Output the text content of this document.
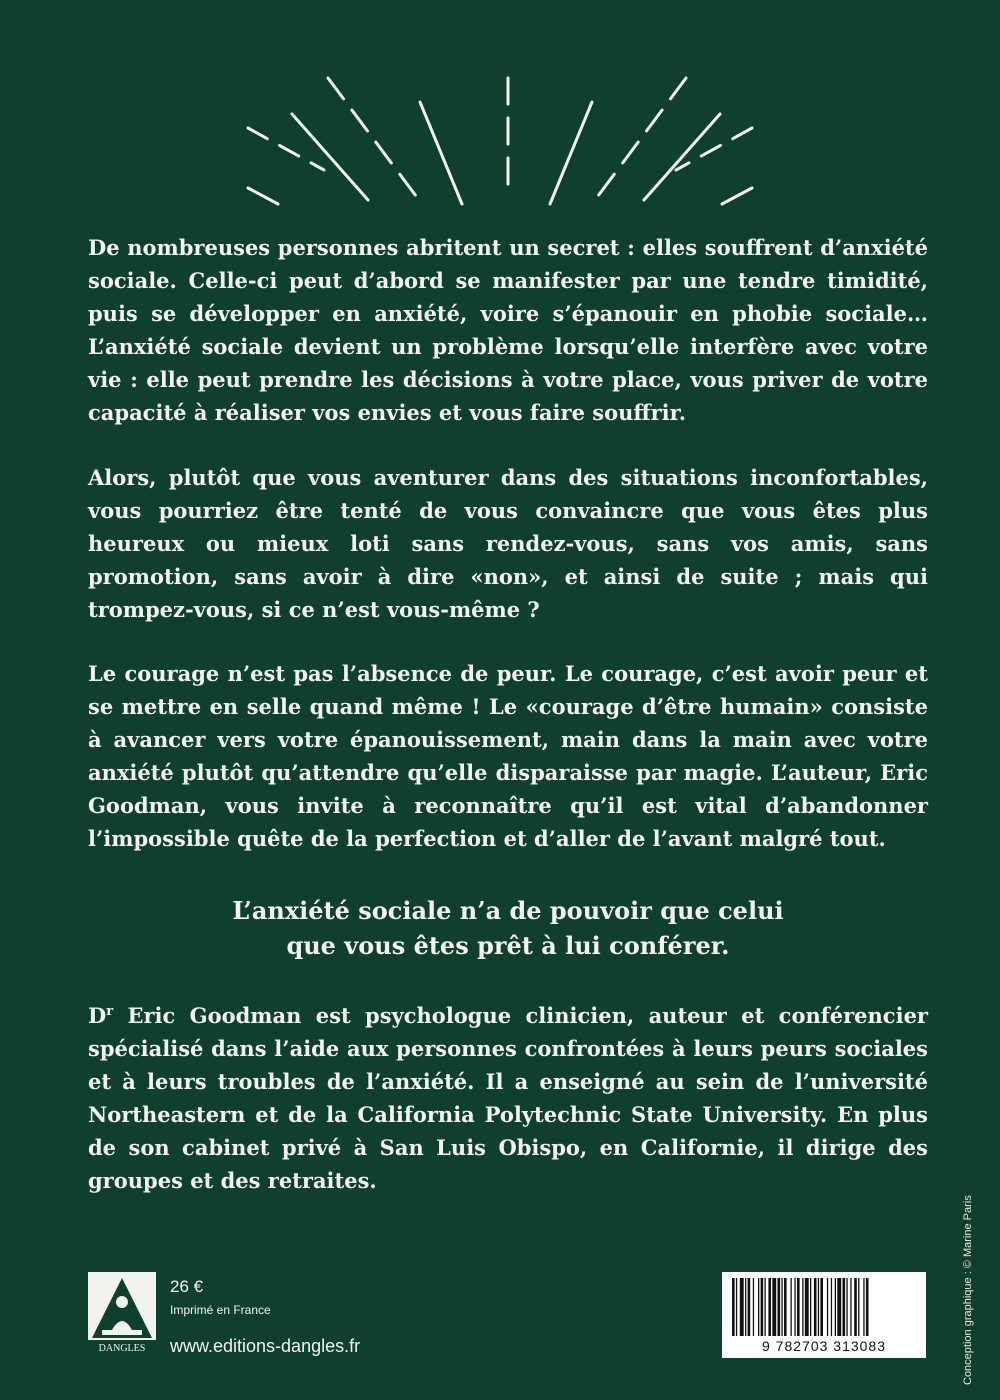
De nombreuses personnes abritent un secret : elles souffrent d’anxiété sociale. Celle-ci peut d’abord se manifester par une tendre timidité, puis se développer en anxiété, voire s’épanouir en phobie sociale… L’anxiété sociale devient un problème lorsqu’elle interfère avec votre vie : elle peut prendre les décisions à votre place, vous priver de votre capacité à réaliser vos envies et vous faire souffrir.

Alors, plutôt que vous aventurer dans des situations inconfortables, vous pourriez être tenté de vous convaincre que vous êtes plus heureux ou mieux loti sans rendez-vous, sans vos amis, sans promotion, sans avoir à dire «non», et ainsi de suite ; mais qui trompez-vous, si ce n’est vous-même ?

Le courage n’est pas l’absence de peur. Le courage, c’est avoir peur et se mettre en selle quand même ! Le «courage d’être humain» consiste à avancer vers votre épanouissement, main dans la main avec votre anxiété plutôt qu’attendre qu’elle disparaisse par magie. L’auteur, Eric Goodman, vous invite à reconnaître qu’il est vital d’abandonner l’impossible quête de la perfection et d’aller de l’avant malgré tout.

L’anxiété sociale n’a de pouvoir que celui
que vous êtes prêt à lui conférer.

$D^r$ Eric Goodman est psychologue clinicien, auteur et conférencier spécialisé dans l’aide aux personnes confrontées à leurs peurs sociales et à leurs troubles de l’anxiété. Il a enseigné au sein de l’université Northeastern et de la California Polytechnic State University. En plus de son cabinet privé à San Luis Obispo, en Californie, il dirige des groupes et des retraites.

Conception graphique : © Marine Paris
DANGLES
26 €
Imprimé en France
www.editions-dangles.fr	9 782703 313083
